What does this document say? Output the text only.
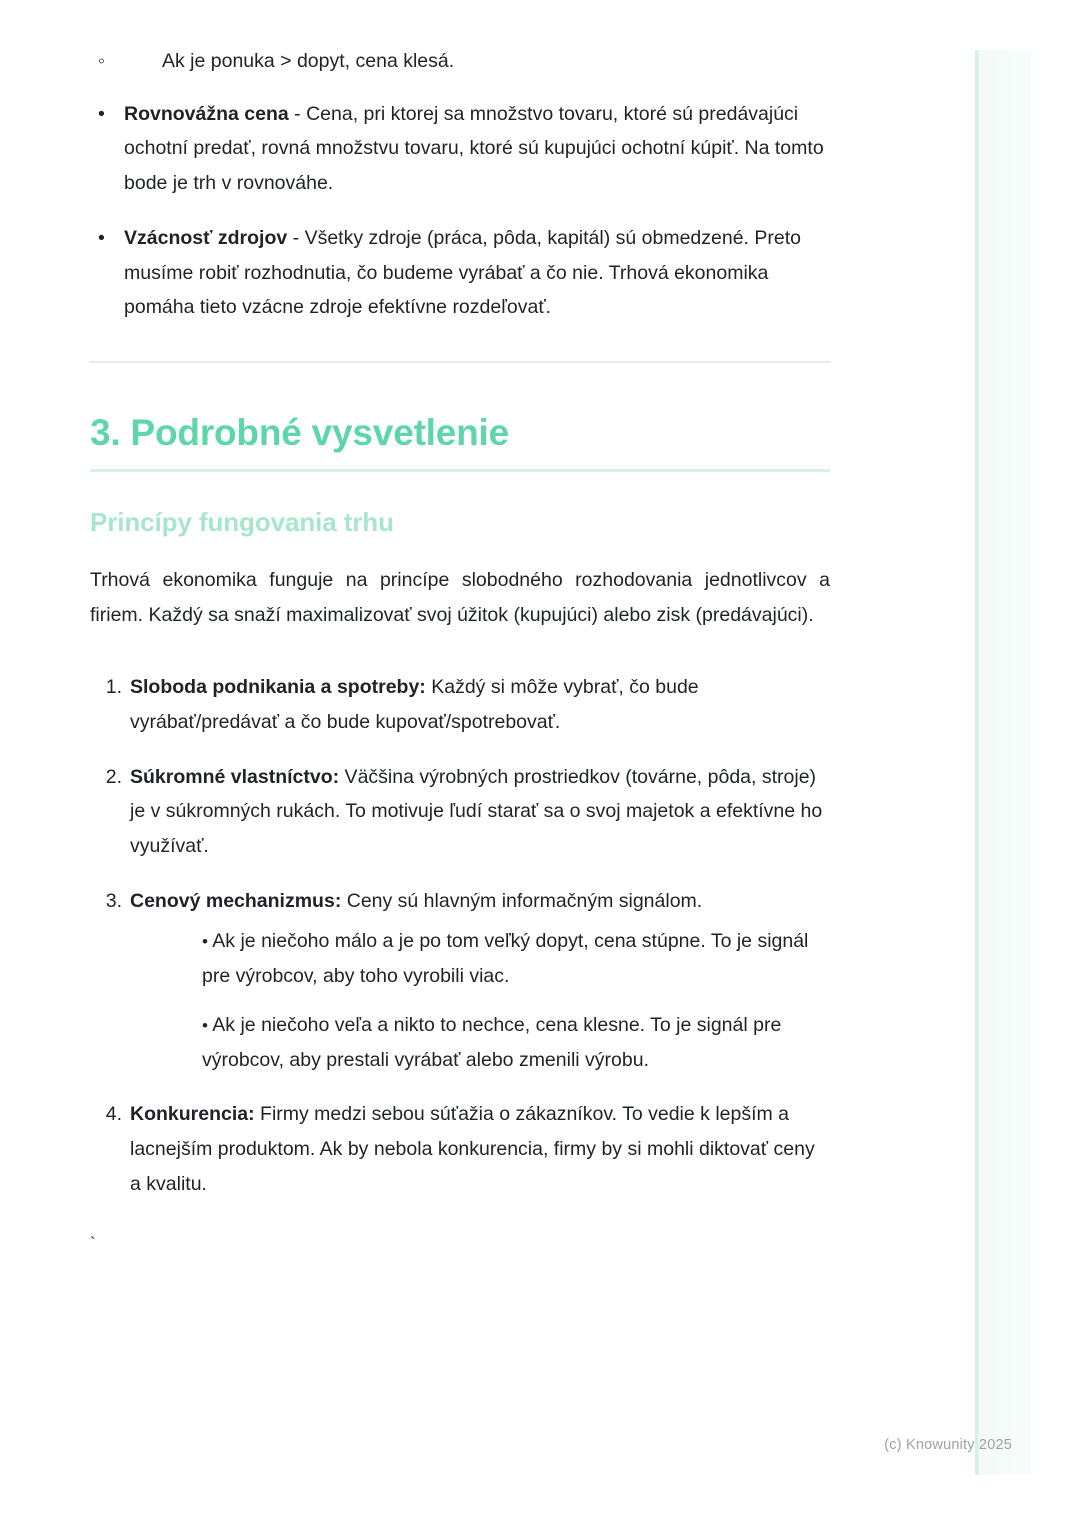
◦	Ak je ponuka > dopyt, cena klesá.
• Rovnovážna cena - Cena, pri ktorej sa množstvo tovaru, ktoré sú predávajúci ochotní predať, rovná množstvu tovaru, ktoré sú kupujúci ochotní kúpiť. Na tomto bode je trh v rovnováhe.
• Vzácnosť zdrojov - Všetky zdroje (práca, pôda, kapitál) sú obmedzené. Preto musíme robiť rozhodnutia, čo budeme vyrábať a čo nie. Trhová ekonomika pomáha tieto vzácne zdroje efektívne rozdeľovať.
3. Podrobné vysvetlenie
Princípy fungovania trhu

Trhová ekonomika funguje na princípe slobodného rozhodovania jednotlivcov a firiem. Každý sa snaží maximalizovať svoj úžitok (kupujúci) alebo zisk (predávajúci).

1. Sloboda podnikania a spotreby: Každý si môže vybrať, čo bude vyrábať/predávať a čo bude kupovať/spotrebovať.
2. Súkromné vlastníctvo: Väčšina výrobných prostriedkov (továrne, pôda, stroje) je v súkromných rukách. To motivuje ľudí starať sa o svoj majetok a efektívne ho využívať.
3. Cenový mechanizmus: Ceny sú hlavným informačným signálom.
• Ak je niečoho málo a je po tom veľký dopyt, cena stúpne. To je signál pre výrobcov, aby toho vyrobili viac.
• Ak je niečoho veľa a nikto to nechce, cena klesne. To je signál pre výrobcov, aby prestali vyrábať alebo zmenili výrobu.
4. Konkurencia: Firmy medzi sebou súťažia o zákazníkov. To vedie k lepším a lacnejším produktom. Ak by nebola konkurencia, firmy by si mohli diktovať ceny a kvalitu.
`
(c) Knowunity 2025
